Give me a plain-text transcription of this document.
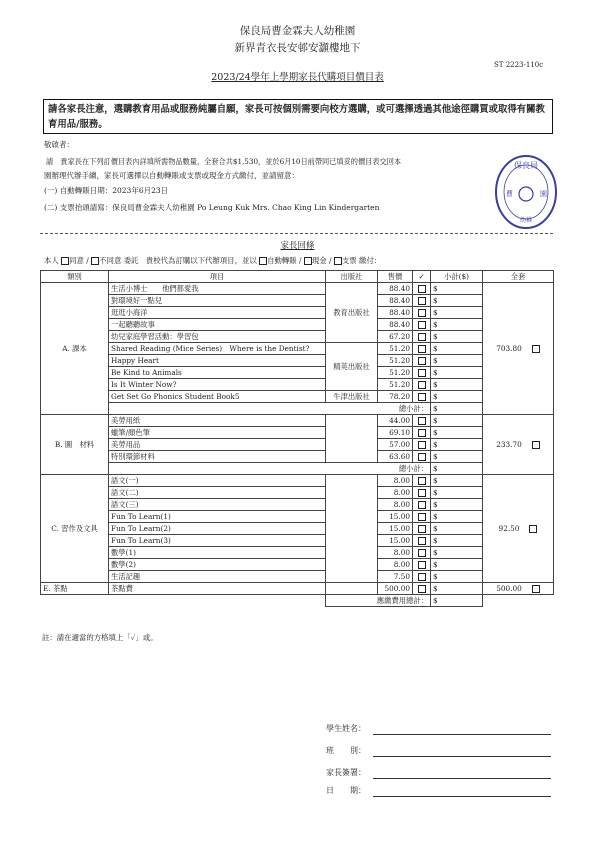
保良局曹金霖夫人幼稚園
新界青衣長安邨安灝樓地下
ST 2223-110c
2023/24學年上學期家長代購項目價目表
請各家長注意，選購教育用品或服務純屬自願，家長可按個別需要向校方選購，或可選擇透過其他途徑購買或取得有關教育用品/服務。
敬啟者：
請　貴家長在下列訂價目表內詳填所需物品數量，全套合共$1,530，並於6月10日前帶同已填妥的價目表交回本
園辦理代辦手續，家長可選擇以自動轉賬或支票或現金方式繳付，並請留意：
(一) 自動轉賬日期：2023年6月23日
(二) 支票抬頭請寫：保良局曹金霖夫人幼稚園 Po Leung Kuk Mrs. Chao King Lin Kindergarten
保良局
曹	園
幼稚
家長回條
本人 同意 / 不同意 委託　貴校代為訂購以下代辦項目，並以 自動轉賬 / 現金 / 支票 繳付：
類別	項目	出版社	售價	✓	小計($)	全套
A. 課本	生活小博士　　他們都愛我	教育出版社	88.40		$	703.80
	對環境好一點兒		88.40		$	
	逛逛小海洋		88.40		$	
	一起聽聽故事		88.40		$	
	幼兒家庭學習活動：學習包		67.20		$	
	Shared Reading (Mice Series)　Where is the Dentist?	精英出版社	51.20		$	
	Happy Heart		51.20		$	
	Be Kind to Animals		51.20		$	
	Is It Winter Now?		51.20		$	
	Get Set Go Phonics Student Book5	牛津出版社	78.20		$	
	總小計：				$	
B. 圖　材料	美勞用紙		44.00		$	233.70
	蠟筆/顏色筆		69.10		$	
	美勞用品		57.00		$	
	特別環節材料		63.60		$	
	總小計：				$	
C. 習作及文具	語文(一)		8.00		$	92.50
	語文(二)		8.00		$	
	語文(三)		8.00		$	
	Fun To Learn(1)		15.00		$	
	Fun To Learn(2)		15.00		$	
	Fun To Learn(3)		15.00		$	
	數學(1)		8.00		$	
	數學(2)		8.00		$	
	生活記趣		7.50		$	
E. 茶點	茶點費		500.00		$	500.00
		應繳費用總計：			$	
註：請在適當的方格填上「✓」或。
學生姓名：
班　　別：
家長簽署：
日　　期：
